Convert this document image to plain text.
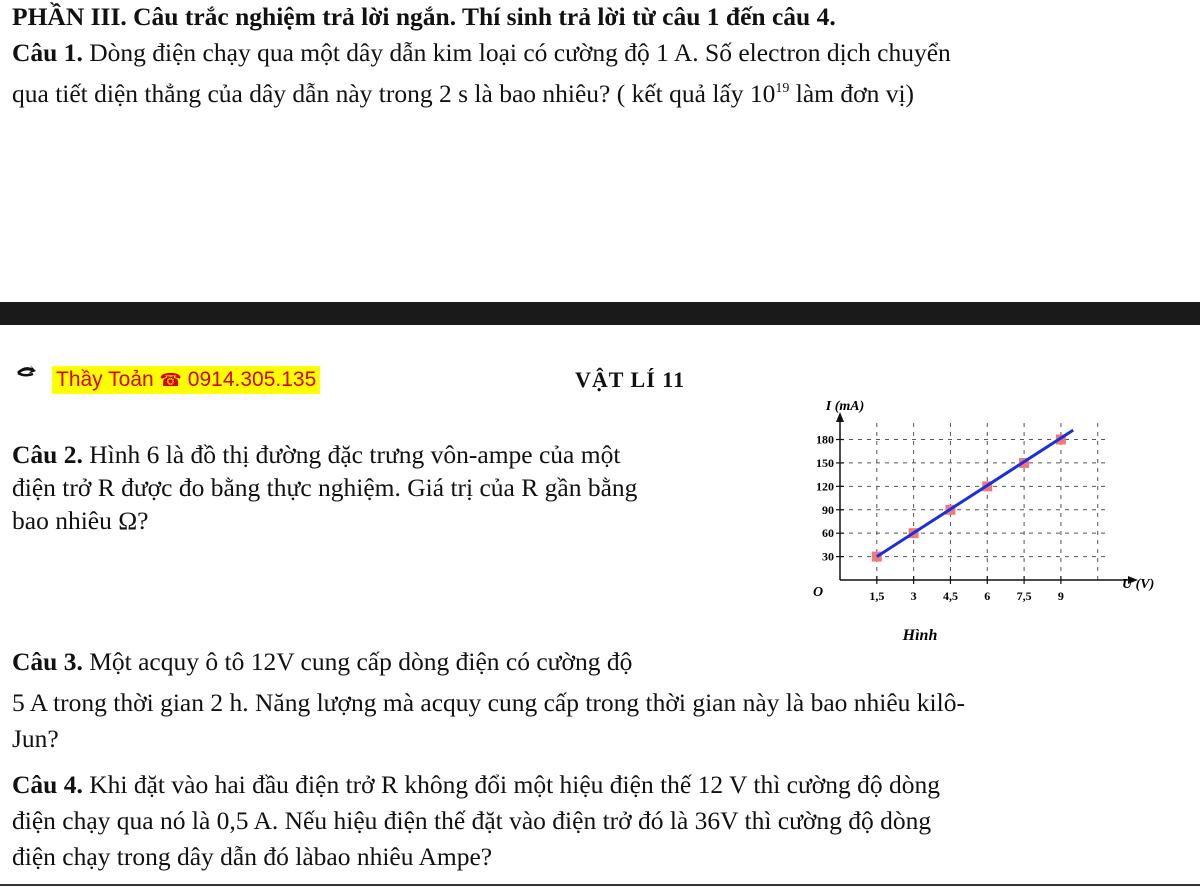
PHẦN III. Câu trắc nghiệm trả lời ngắn. Thí sinh trả lời từ câu 1 đến câu 4.
Câu 1. Dòng điện chạy qua một dây dẫn kim loại có cường độ 1 A. Số electron dịch chuyển
qua tiết diện thẳng của dây dẫn này trong 2 s là bao nhiêu? ( kết quả lấy $10^{19}$ làm đơn vị)
Thầy Toản ☎ 0914.305.135	VẬT LÍ 11
Câu 2. Hình 6 là đồ thị đường đặc trưng vôn-ampe của một
điện trở R được đo bằng thực nghiệm. Giá trị của R gần bằng
bao nhiêu Ω?
30
60
90
120
150
180
1,5 3 4,5 6 7,5 9
I (mA)
U (V)
O
Hình
Câu 3. Một acquy ô tô 12V cung cấp dòng điện có cường độ
5 A trong thời gian 2 h. Năng lượng mà acquy cung cấp trong thời gian này là bao nhiêu kilô-
Jun?
Câu 4. Khi đặt vào hai đầu điện trở R không đổi một hiệu điện thế 12 V thì cường độ dòng
điện chạy qua nó là 0,5 A. Nếu hiệu điện thế đặt vào điện trở đó là 36V thì cường độ dòng
điện chạy trong dây dẫn đó làbao nhiêu Ampe?
